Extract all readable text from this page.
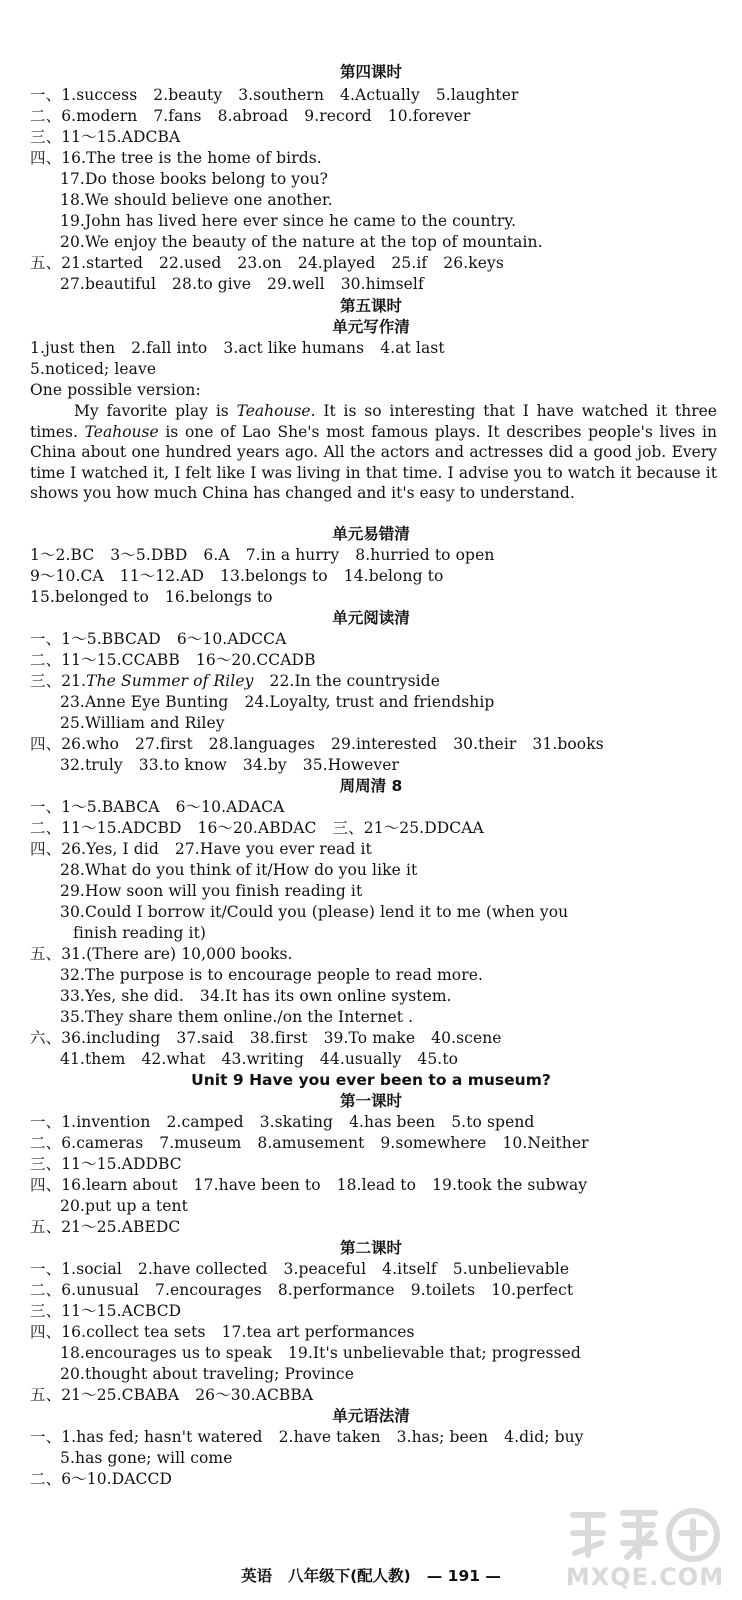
第四课时
一、1.success 2.beauty 3.southern 4.Actually 5.laughter
二、6.modern 7.fans 8.abroad 9.record 10.forever
三、11～15.ADCBA
四、16.The tree is the home of birds.
17.Do those books belong to you?
18.We should believe one another.
19.John has lived here ever since he came to the country.
20.We enjoy the beauty of the nature at the top of mountain.
五、21.started 22.used 23.on 24.played 25.if 26.keys
27.beautiful 28.to give 29.well 30.himself
第五课时
单元写作清
1.just then 2.fall into 3.act like humans 4.at last
5.noticed; leave
One possible version:
My favorite play is Teahouse. It is so interesting that I have watched it three times. Teahouse is one of Lao She's most famous plays. It describes people's lives in China about one hundred years ago. All the actors and actresses did a good job. Every time I watched it, I felt like I was living in that time. I advise you to watch it because it shows you how much China has changed and it's easy to understand.
单元易错清
1～2.BC 3～5.DBD 6.A 7.in a hurry 8.hurried to open
9～10.CA 11～12.AD 13.belongs to 14.belong to
15.belonged to 16.belongs to
单元阅读清
一、1～5.BBCAD 6～10.ADCCA
二、11～15.CCABB 16～20.CCADB
三、21.The Summer of Riley 22.In the countryside
23.Anne Eye Bunting 24.Loyalty, trust and friendship
25.William and Riley
四、26.who 27.first 28.languages 29.interested 30.their 31.books
32.truly 33.to know 34.by 35.However
周周清 8
一、1～5.BABCA 6～10.ADACA
二、11～15.ADCBD 16～20.ABDAC 三、21～25.DDCAA
四、26.Yes, I did 27.Have you ever read it
28.What do you think of it/How do you like it
29.How soon will you finish reading it
30.Could I borrow it/Could you (please) lend it to me (when you
finish reading it)
五、31.(There are) 10,000 books.
32.The purpose is to encourage people to read more.
33.Yes, she did. 34.It has its own online system.
35.They share them online./on the Internet .
六、36.including 37.said 38.first 39.To make 40.scene
41.them 42.what 43.writing 44.usually 45.to
Unit 9 Have you ever been to a museum?
第一课时
一、1.invention 2.camped 3.skating 4.has been 5.to spend
二、6.cameras 7.museum 8.amusement 9.somewhere 10.Neither
三、11～15.ADDBC
四、16.learn about 17.have been to 18.lead to 19.took the subway
20.put up a tent
五、21～25.ABEDC
第二课时
一、1.social 2.have collected 3.peaceful 4.itself 5.unbelievable
二、6.unusual 7.encourages 8.performance 9.toilets 10.perfect
三、11～15.ACBCD
四、16.collect tea sets 17.tea art performances
18.encourages us to speak 19.It's unbelievable that; progressed
20.thought about traveling; Province
五、21～25.CBABA 26～30.ACBBA
单元语法清
一、1.has fed; hasn't watered 2.have taken 3.has; been 4.did; buy
5.has gone; will come
二、6～10.DACCD
英语 八年级下(配人教) — 191 —	MXQE.COM
